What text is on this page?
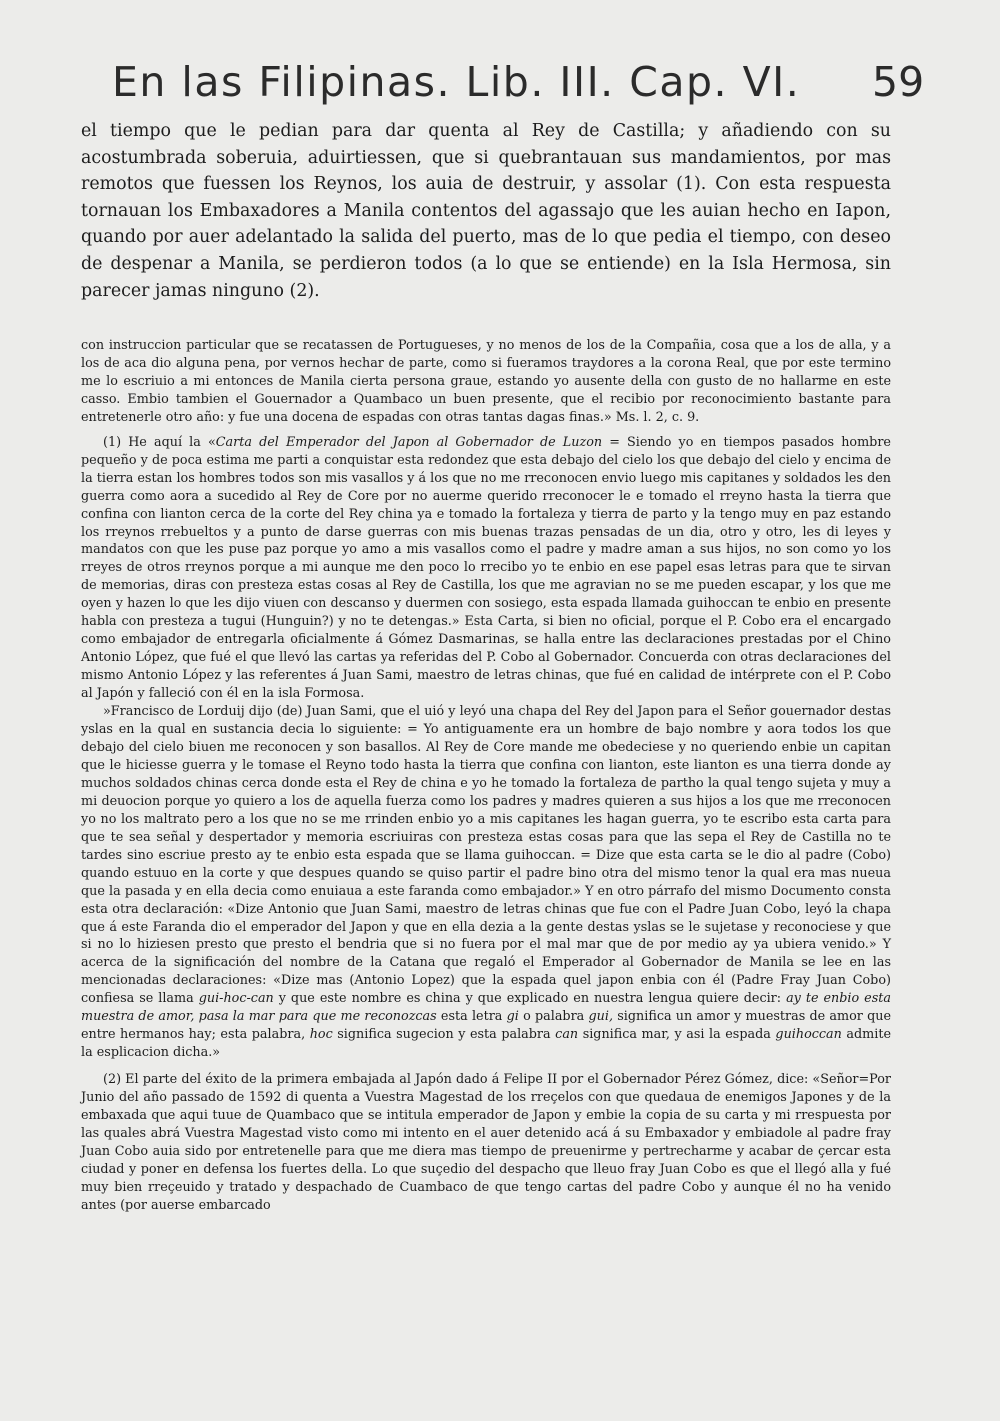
En las Filipinas. Lib. III. Cap. VI. 59

el tiempo que le pedian para dar quenta al Rey de Castilla; y añadiendo con su acostumbrada soberuia, aduirtiessen, que si quebrantauan sus mandamientos, por mas remotos que fuessen los Reynos, los auia de destruir, y assolar (1). Con esta respuesta tornauan los Embaxadores a Manila contentos del agassajo que les auian hecho en Iapon, quando por auer adelantado la salida del puerto, mas de lo que pedia el tiempo, con deseo de despenar a Manila, se perdieron todos (a lo que se entiende) en la Isla Hermosa, sin parecer jamas ninguno (2).

con instruccion particular que se recatassen de Portugueses, y no menos de los de la Compañia, cosa que a los de alla, y a los de aca dio alguna pena, por vernos hechar de parte, como si fueramos traydores a la corona Real, que por este termino me lo escriuio a mi entonces de Manila cierta persona graue, estando yo ausente della con gusto de no hallarme en este casso. Embio tambien el Gouernador a Quambaco un buen presente, que el recibio por reconocimiento bastante para entretenerle otro año: y fue una docena de espadas con otras tantas dagas finas.» Ms. l. 2, c. 9.

(1) He aquí la «Carta del Emperador del Japon al Gobernador de Luzon = Siendo yo en tiempos pasados hombre pequeño y de poca estima me parti a conquistar esta redondez que esta debajo del cielo los que debajo del cielo y encima de la tierra estan los hombres todos son mis vasallos y á los que no me rreconocen envio luego mis capitanes y soldados les den guerra como aora a sucedido al Rey de Core por no auerme querido rreconocer le e tomado el rreyno hasta la tierra que confina con lianton cerca de la corte del Rey china ya e tomado la fortaleza y tierra de parto y la tengo muy en paz estando los rreynos rrebueltos y a punto de darse guerras con mis buenas trazas pensadas de un dia, otro y otro, les di leyes y mandatos con que les puse paz porque yo amo a mis vasallos como el padre y madre aman a sus hijos, no son como yo los rreyes de otros rreynos porque a mi aunque me den poco lo rrecibo yo te enbio en ese papel esas letras para que te sirvan de memorias, diras con presteza estas cosas al Rey de Castilla, los que me agravian no se me pueden escapar, y los que me oyen y hazen lo que les dijo viuen con descanso y duermen con sosiego, esta espada llamada guihoccan te enbio en presente habla con presteza a tugui (Hunguin?) y no te detengas.» Esta Carta, si bien no oficial, porque el P. Cobo era el encargado como embajador de entregarla oficialmente á Gómez Dasmarinas, se halla entre las declaraciones prestadas por el Chino Antonio López, que fué el que llevó las cartas ya referidas del P. Cobo al Gobernador. Concuerda con otras declaraciones del mismo Antonio López y las referentes á Juan Sami, maestro de letras chinas, que fué en calidad de intérprete con el P. Cobo al Japón y falleció con él en la isla Formosa.

»Francisco de Lorduij dijo (de) Juan Sami, que el uió y leyó una chapa del Rey del Japon para el Señor gouernador destas yslas en la qual en sustancia decia lo siguiente: = Yo antiguamente era un hombre de bajo nombre y aora todos los que debajo del cielo biuen me reconocen y son basallos. Al Rey de Core mande me obedeciese y no queriendo enbie un capitan que le hiciesse guerra y le tomase el Reyno todo hasta la tierra que confina con lianton, este lianton es una tierra donde ay muchos soldados chinas cerca donde esta el Rey de china e yo he tomado la fortaleza de partho la qual tengo sujeta y muy a mi deuocion porque yo quiero a los de aquella fuerza como los padres y madres quieren a sus hijos a los que me rreconocen yo no los maltrato pero a los que no se me rrinden enbio yo a mis capitanes les hagan guerra, yo te escribo esta carta para que te sea señal y despertador y memoria escriuiras con presteza estas cosas para que las sepa el Rey de Castilla no te tardes sino escriue presto ay te enbio esta espada que se llama guihoccan. = Dize que esta carta se le dio al padre (Cobo) quando estuuo en la corte y que despues quando se quiso partir el padre bino otra del mismo tenor la qual era mas nueua que la pasada y en ella decia como enuiaua a este faranda como embajador.» Y en otro párrafo del mismo Documento consta esta otra declaración: «Dize Antonio que Juan Sami, maestro de letras chinas que fue con el Padre Juan Cobo, leyó la chapa que á este Faranda dio el emperador del Japon y que en ella dezia a la gente destas yslas se le sujetase y reconociese y que si no lo hiziesen presto que presto el bendria que si no fuera por el mal mar que de por medio ay ya ubiera venido.» Y acerca de la significación del nombre de la Catana que regaló el Emperador al Gobernador de Manila se lee en las mencionadas declaraciones: «Dize mas (Antonio Lopez) que la espada quel japon enbia con él (Padre Fray Juan Cobo) confiesa se llama gui-hoc-can y que este nombre es china y que explicado en nuestra lengua quiere decir: ay te enbio esta muestra de amor, pasa la mar para que me reconozcas esta letra gi o palabra gui, significa un amor y muestras de amor que entre hermanos hay; esta palabra, hoc significa sugecion y esta palabra can significa mar, y asi la espada guihoccan admite la esplicacion dicha.»

(2) El parte del éxito de la primera embajada al Japón dado á Felipe II por el Gobernador Pérez Gómez, dice: «Señor=Por Junio del año passado de 1592 di quenta a Vuestra Magestad de los rreçelos con que quedaua de enemigos Japones y de la embaxada que aqui tuue de Quambaco que se intitula emperador de Japon y embie la copia de su carta y mi rrespuesta por las quales abrá Vuestra Magestad visto como mi intento en el auer detenido acá á su Embaxador y embiadole al padre fray Juan Cobo auia sido por entretenelle para que me diera mas tiempo de preuenirme y pertrecharme y acabar de çercar esta ciudad y poner en defensa los fuertes della. Lo que suçedio del despacho que lleuo fray Juan Cobo es que el llegó alla y fué muy bien rreçeuido y tratado y despachado de Cuambaco de que tengo cartas del padre Cobo y aunque él no ha venido antes (por auerse embarcado
